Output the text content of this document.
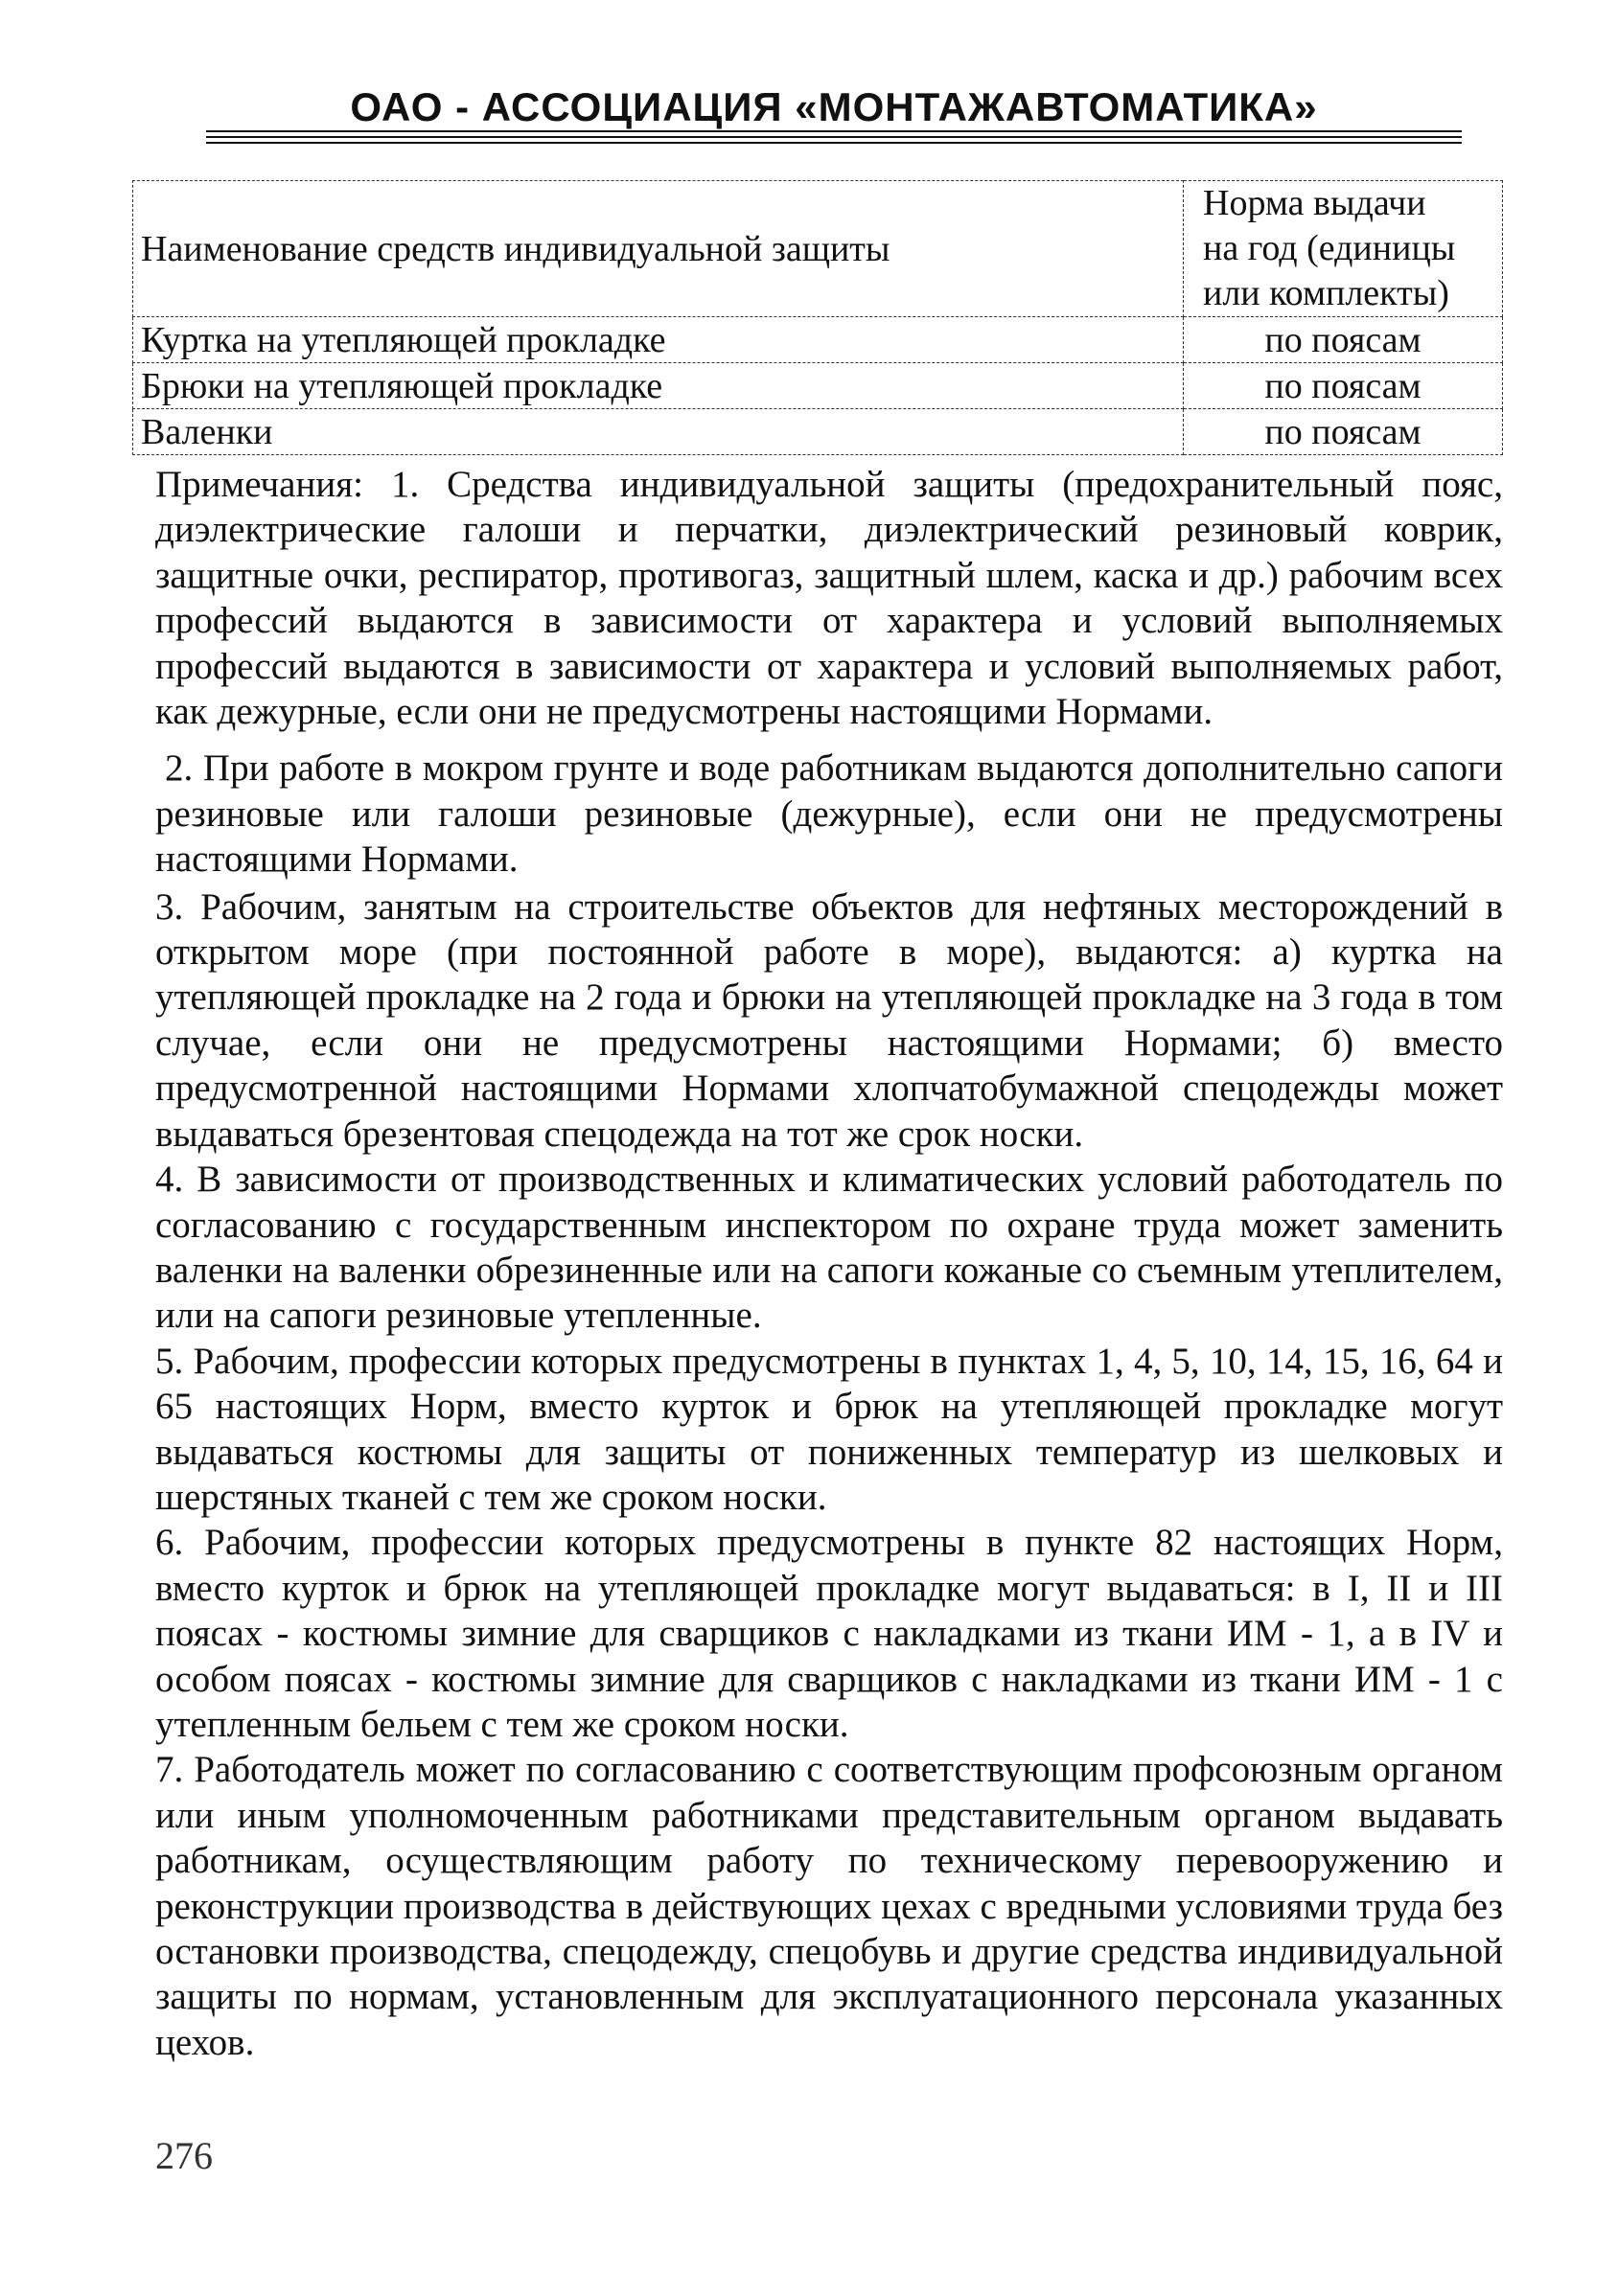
ОАО - АССОЦИАЦИЯ «МОНТАЖАВТОМАТИКА»
Наименование средств индивидуальной защиты	Норма выдачи
на год (единицы
или комплекты)

Куртка на утепляющей прокладке	по поясам
Брюки на утепляющей прокладке	по поясам
Валенки	по поясам

Примечания: 1. Средства индивидуальной защиты (предохранительный пояс, диэлектрические галоши и перчатки, диэлектрический резиновый коврик, защитные очки, респиратор, противогаз, защитный шлем, каска и др.) рабочим всех профессий выдаются в зависимости от характера и условий выполняемых профессий выдаются в зависимости от характера и условий выполняемых работ, как дежурные, если они не предусмотрены настоящими Нормами.

2. При работе в мокром грунте и воде работникам выдаются дополнительно сапоги резиновые или галоши резиновые (дежурные), если они не предусмотрены настоящими Нормами.

3. Рабочим, занятым на строительстве объектов для нефтяных месторождений в открытом море (при постоянной работе в море), выдаются: а) куртка на утепляющей прокладке на 2 года и брюки на утепляющей прокладке на 3 года в том случае, если они не предусмотрены настоящими Нормами; б) вместо предусмотренной настоящими Нормами хлопчатобумажной спецодежды может выдаваться брезентовая спецодежда на тот же срок носки.

4. В зависимости от производственных и климатических условий работодатель по согласованию с государственным инспектором по охране труда может заменить валенки на валенки обрезиненные или на сапоги кожаные со съемным утеплителем, или на сапоги резиновые утепленные.

5. Рабочим, профессии которых предусмотрены в пунктах 1, 4, 5, 10, 14, 15, 16, 64 и 65 настоящих Норм, вместо курток и брюк на утепляющей прокладке могут выдаваться костюмы для защиты от пониженных температур из шелковых и шерстяных тканей с тем же сроком носки.

6. Рабочим, профессии которых предусмотрены в пункте 82 настоящих Норм, вместо курток и брюк на утепляющей прокладке могут выдаваться: в I, II и III поясах - костюмы зимние для сварщиков с накладками из ткани ИМ - 1, а в IV и особом поясах - костюмы зимние для сварщиков с накладками из ткани ИМ - 1 с утепленным бельем с тем же сроком носки.

7. Работодатель может по согласованию с соответствующим профсоюзным органом или иным уполномоченным работниками представительным органом выдавать работникам, осуществляющим работу по техническому перевооружению и реконструкции производства в действующих цехах с вредными условиями труда без остановки производства, спецодежду, спецобувь и другие средства индивидуальной защиты по нормам, установленным для эксплуатационного персонала указанных цехов.

276
